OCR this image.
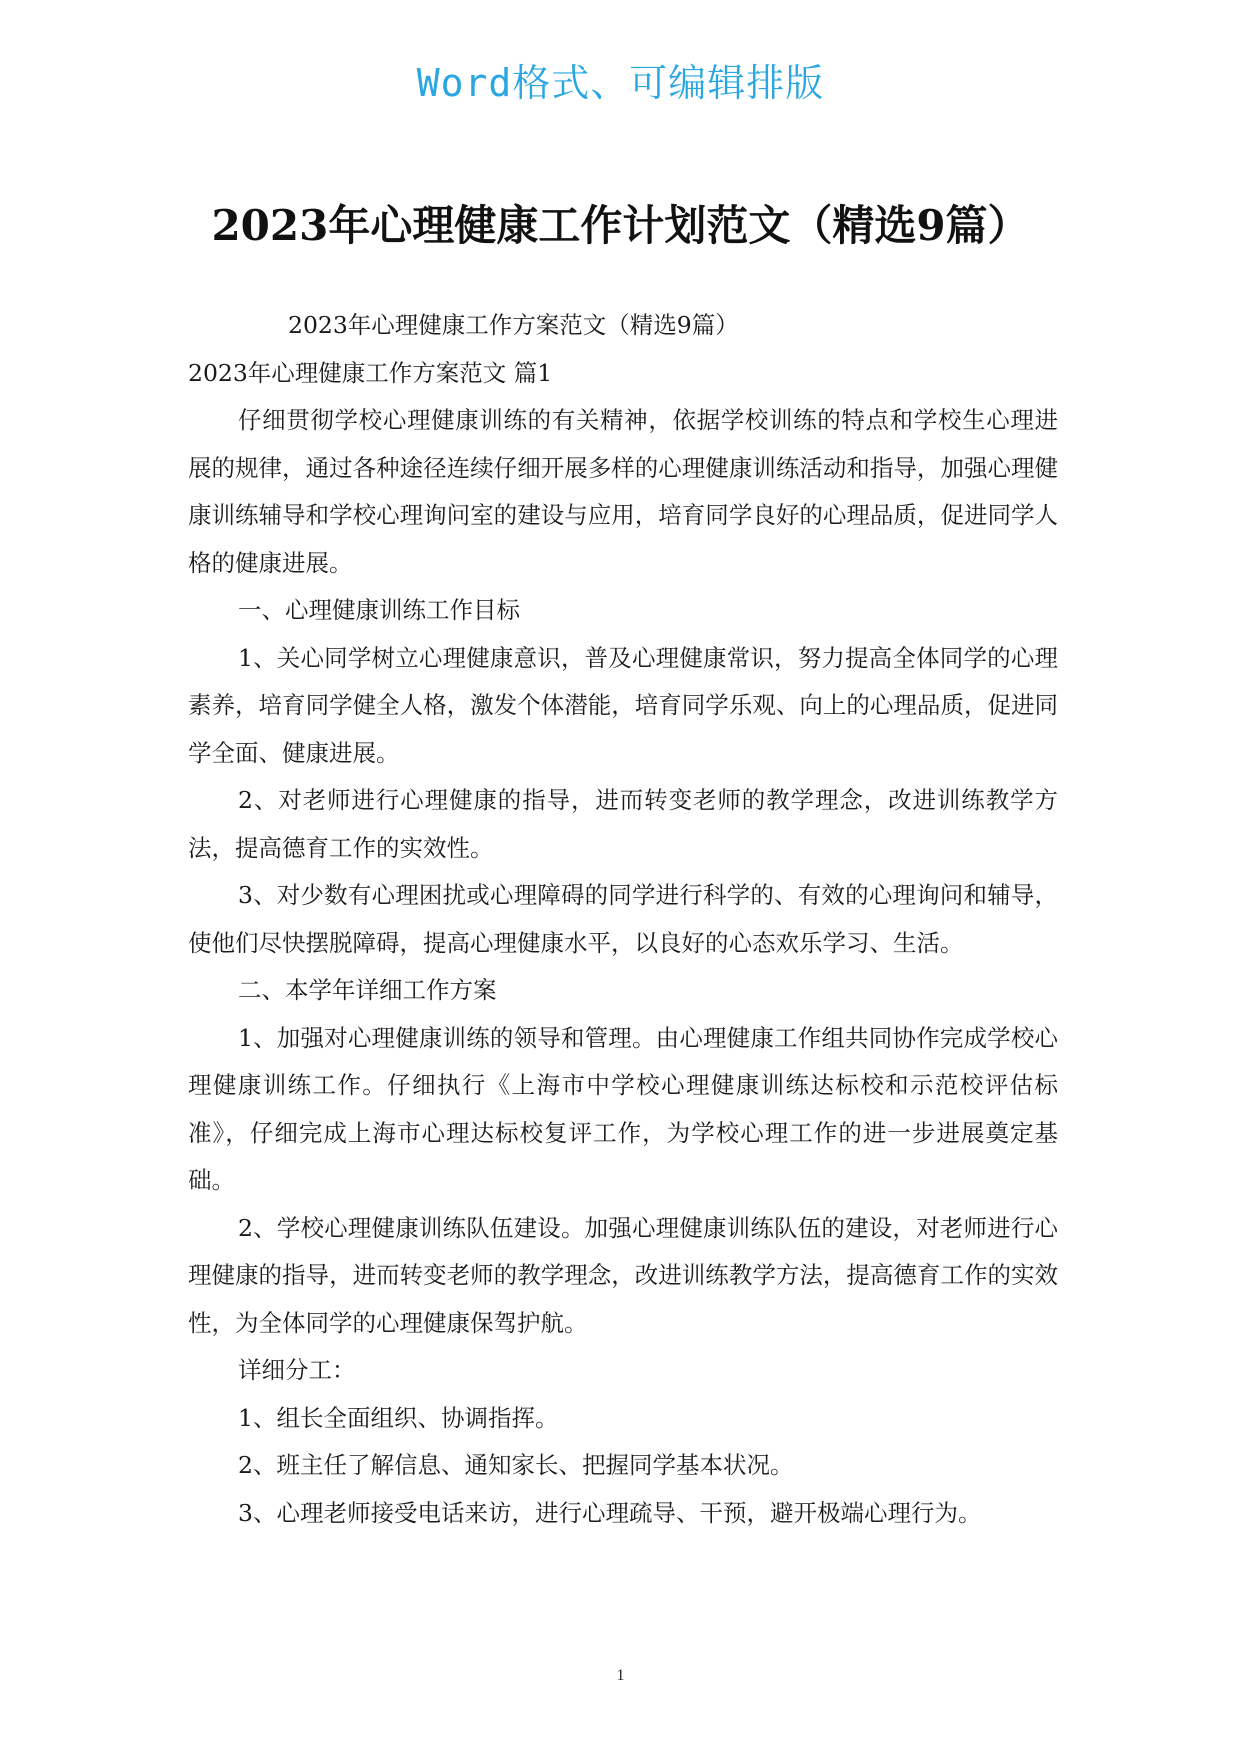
Word格式、可编辑排版
2023年心理健康工作计划范文（精选9篇）

2023年心理健康工作方案范文（精选9篇）

2023年心理健康工作方案范文 篇1

仔细贯彻学校心理健康训练的有关精神，依据学校训练的特点和学校生心理进展的规律，通过各种途径连续仔细开展多样的心理健康训练活动和指导，加强心理健康训练辅导和学校心理询问室的建设与应用，培育同学良好的心理品质，促进同学人格的健康进展。

一、心理健康训练工作目标

1、关心同学树立心理健康意识，普及心理健康常识，努力提高全体同学的心理素养，培育同学健全人格，激发个体潜能，培育同学乐观、向上的心理品质，促进同学全面、健康进展。

2、对老师进行心理健康的指导，进而转变老师的教学理念，改进训练教学方法，提高德育工作的实效性。

3、对少数有心理困扰或心理障碍的同学进行科学的、有效的心理询问和辅导，使他们尽快摆脱障碍，提高心理健康水平，以良好的心态欢乐学习、生活。

二、本学年详细工作方案

1、加强对心理健康训练的领导和管理。由心理健康工作组共同协作完成学校心理健康训练工作。仔细执行《上海市中学校心理健康训练达标校和示范校评估标准》，仔细完成上海市心理达标校复评工作，为学校心理工作的进一步进展奠定基础。

2、学校心理健康训练队伍建设。加强心理健康训练队伍的建设，对老师进行心理健康的指导，进而转变老师的教学理念，改进训练教学方法，提高德育工作的实效性，为全体同学的心理健康保驾护航。

详细分工：

1、组长全面组织、协调指挥。

2、班主任了解信息、通知家长、把握同学基本状况。

3、心理老师接受电话来访，进行心理疏导、干预，避开极端心理行为。

1
